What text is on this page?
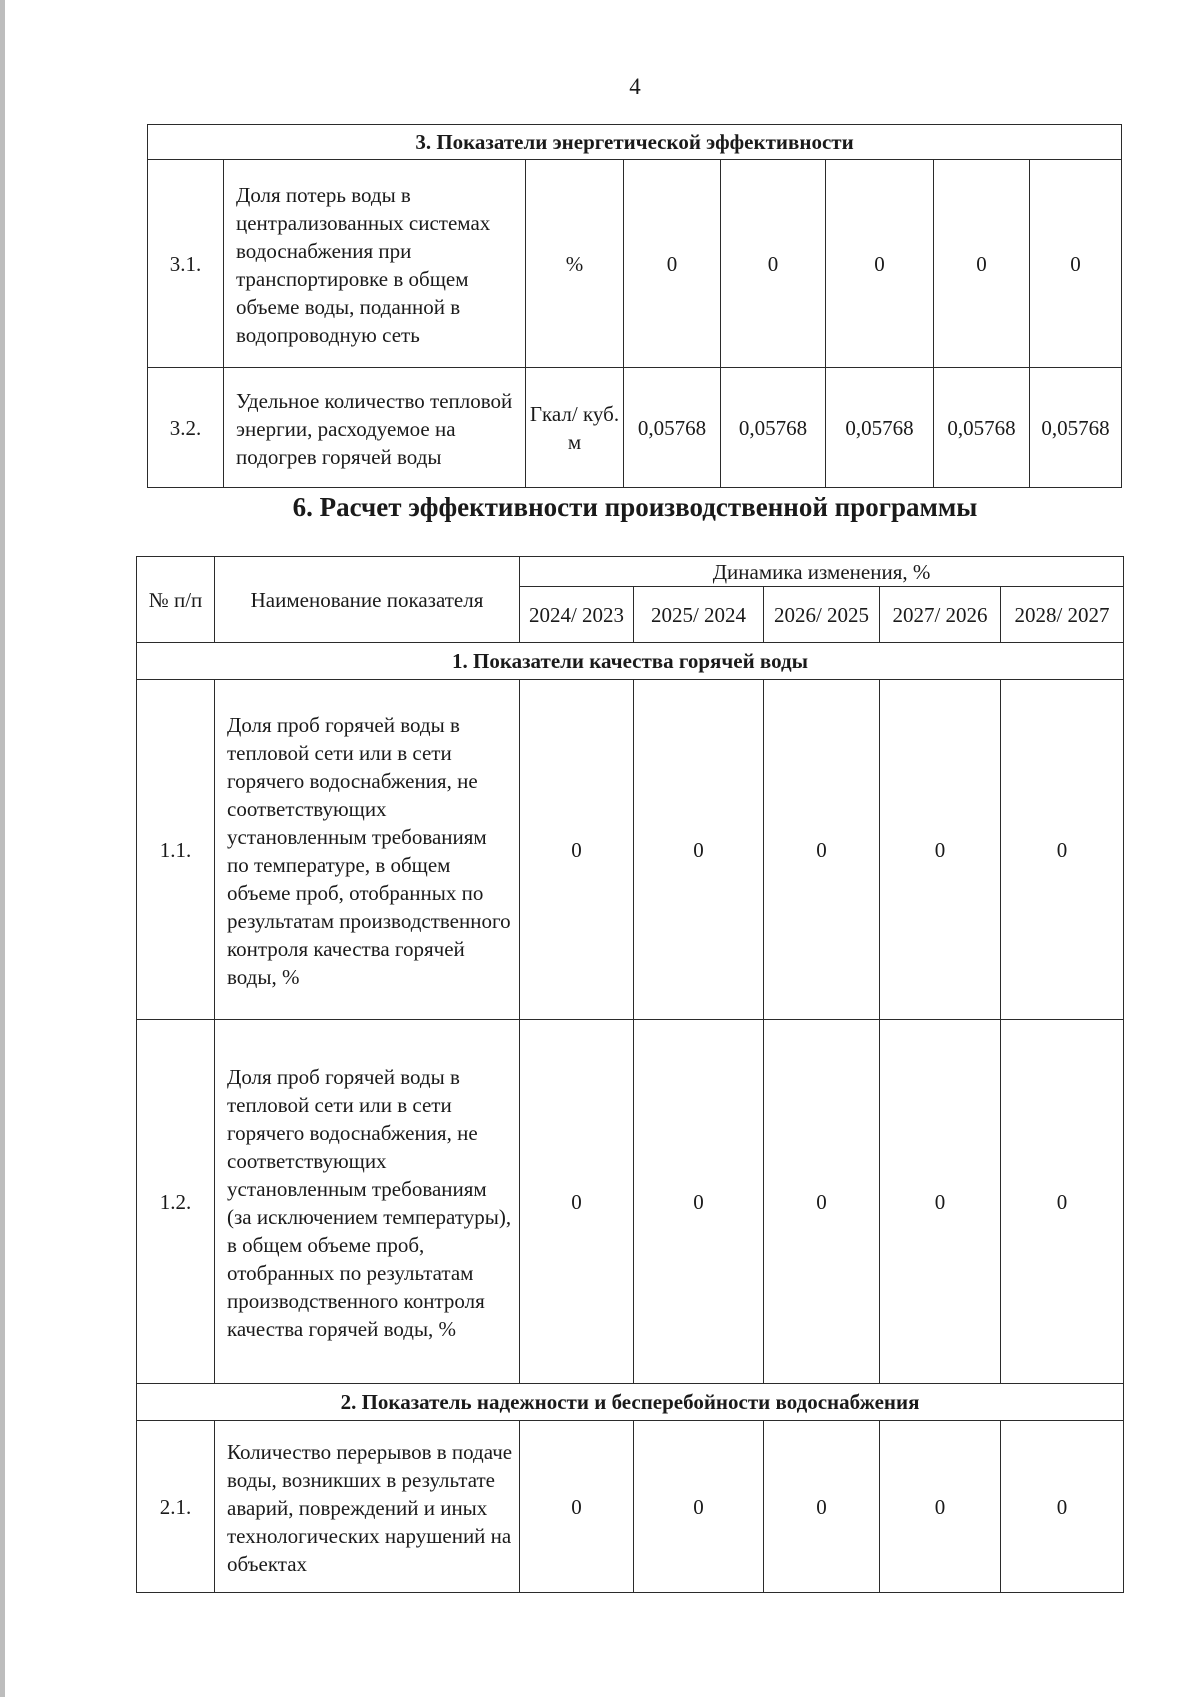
4
3. Показатели энергетической эффективности							
3.1.	Доля потерь воды в централизованных системах водоснабжения при транспортировке в общем объеме воды, поданной в водопроводную сеть	%	0	0	0	0	0
3.2.	Удельное количество тепловой энергии, расходуемое на подогрев горячей воды	Гкал/ куб. м	0,05768	0,05768	0,05768	0,05768	0,05768
6. Расчет эффективности производственной программы
№ п/п	Наименование показателя	Динамика изменения, %				
		2024/ 2023	2025/ 2024	2026/ 2025	2027/ 2026	2028/ 2027
1. Показатели качества горячей воды						
1.1.	Доля проб горячей воды в тепловой сети или в сети горячего водоснабжения, не соответствующих установленным требованиям по температуре, в общем объеме проб, отобранных по результатам производственного контроля качества горячей воды, %	0	0	0	0	0
1.2.	Доля проб горячей воды в тепловой сети или в сети горячего водоснабжения, не соответствующих установленным требованиям (за исключением температуры), в общем объеме проб, отобранных по результатам производственного контроля качества горячей воды, %	0	0	0	0	0
2. Показатель надежности и бесперебойности водоснабжения						
2.1.	Количество перерывов в подаче воды, возникших в результате аварий, повреждений и иных технологических нарушений на объектах	0	0	0	0	0
